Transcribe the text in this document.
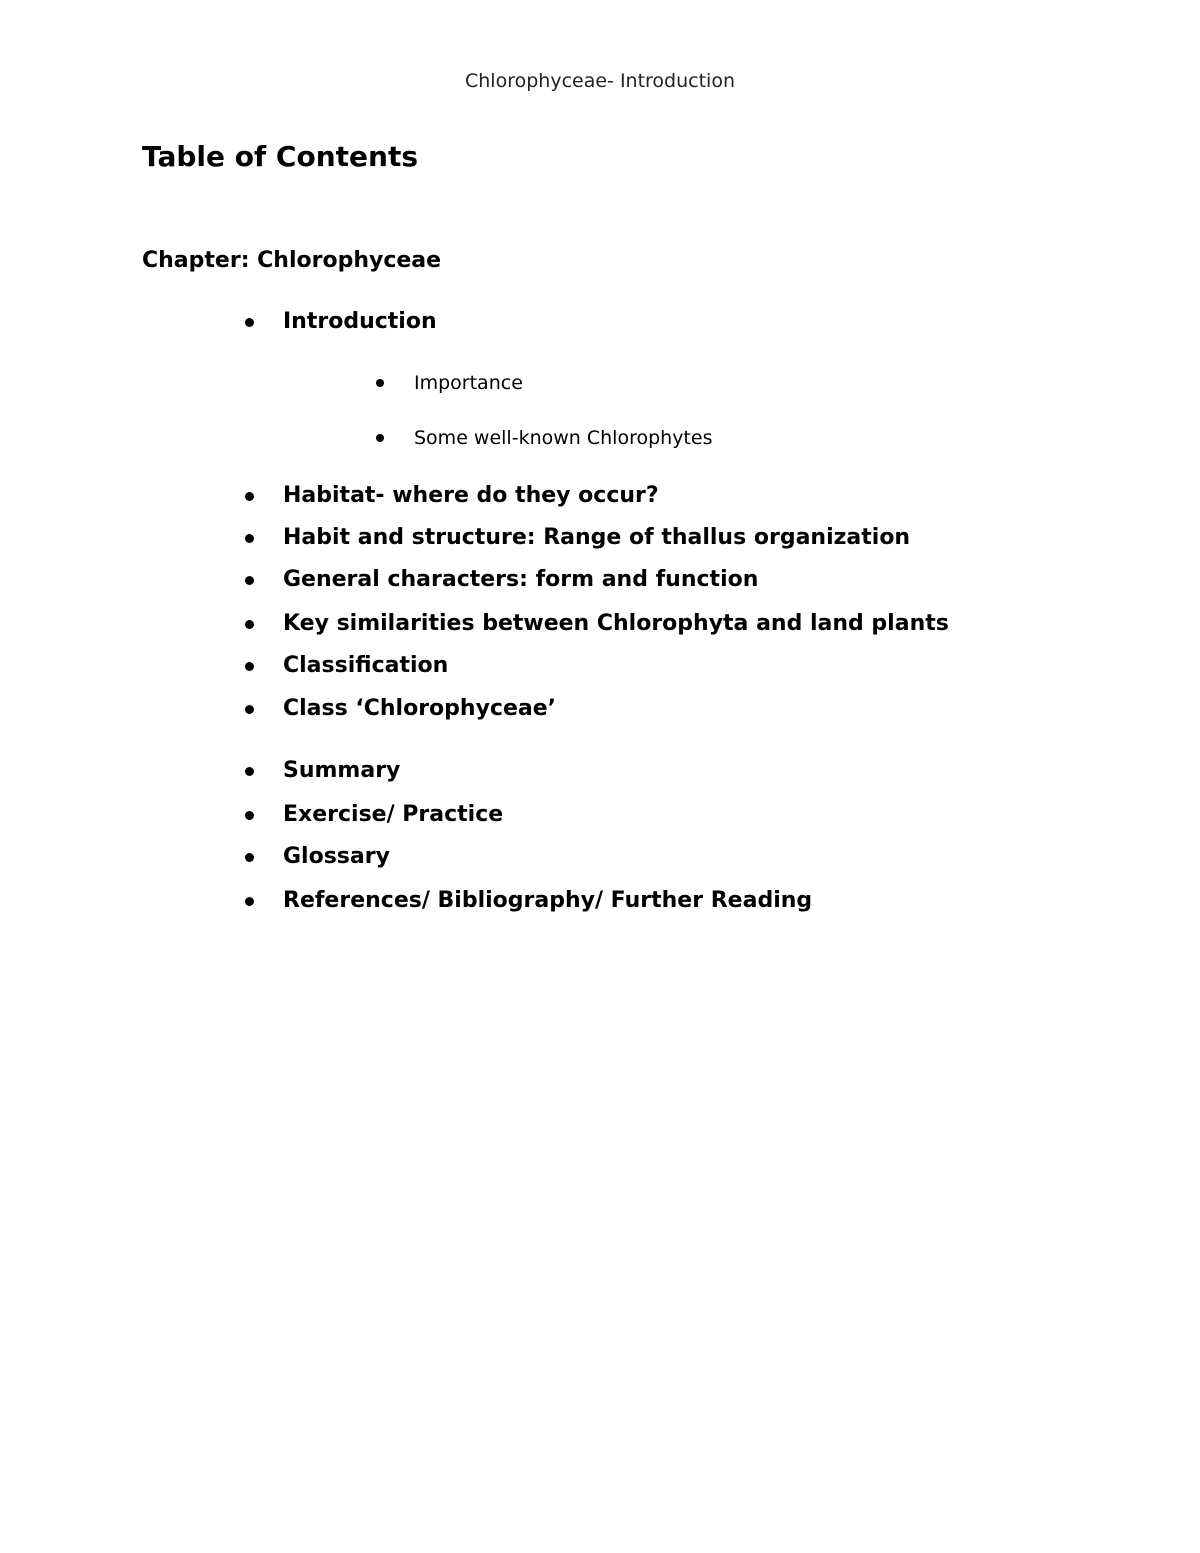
Chlorophyceae- Introduction
Table of Contents
Chapter: Chlorophyceae
Introduction
Importance
Some well-known Chlorophytes
Habitat- where do they occur?
Habit and structure: Range of thallus organization
General characters: form and function
Key similarities between Chlorophyta and land plants
Classification
Class ‘Chlorophyceae’
Summary
Exercise/ Practice
Glossary
References/ Bibliography/ Further Reading
